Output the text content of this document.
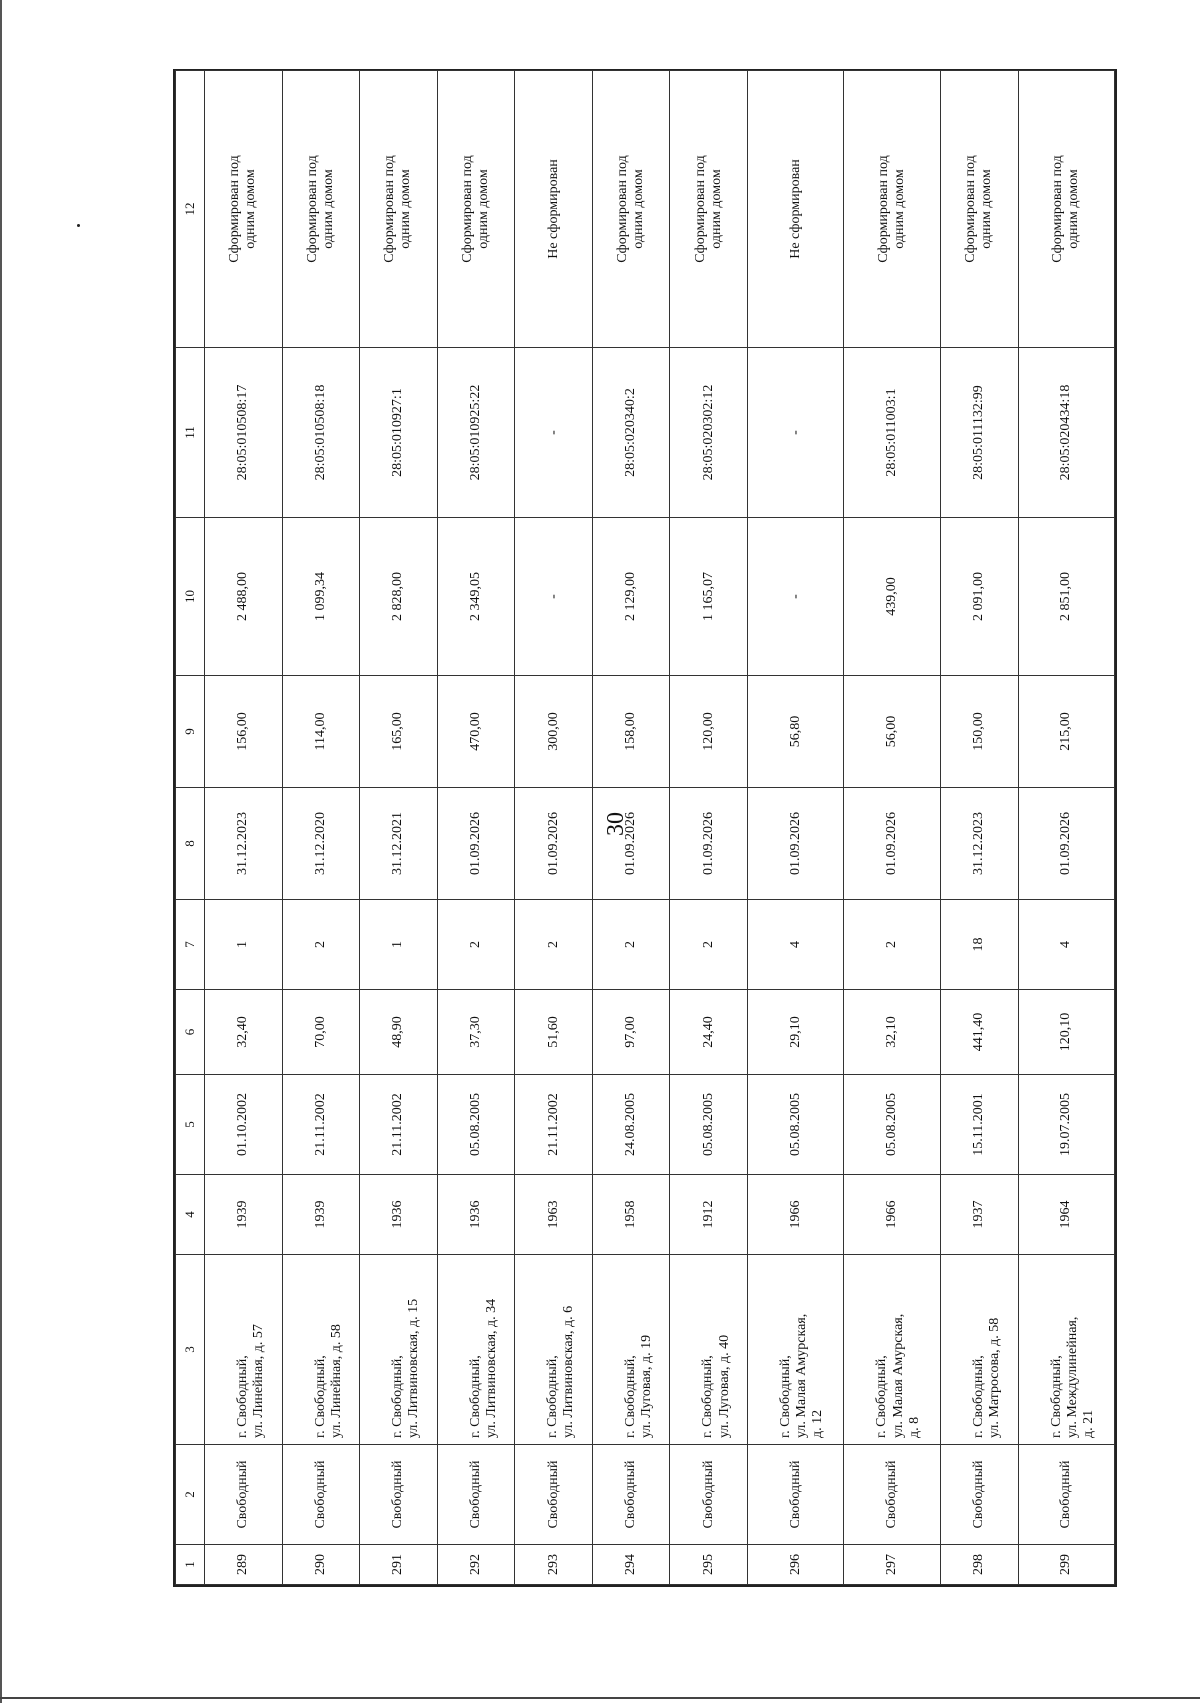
30
1	2	3	4	5	6	7	8	9	10	11	12
289	Свободный	г. Свободный,
ул. Линейная, д. 57	1939	01.10.2002	32,40	1	31.12.2023	156,00	2 488,00	28:05:010508:17	Сформирован под
одним домом
290	Свободный	г. Свободный,
ул. Линейная, д. 58	1939	21.11.2002	70,00	2	31.12.2020	114,00	1 099,34	28:05:010508:18	Сформирован под
одним домом
291	Свободный	г. Свободный,
ул. Литвиновская, д. 15	1936	21.11.2002	48,90	1	31.12.2021	165,00	2 828,00	28:05:010927:1	Сформирован под
одним домом
292	Свободный	г. Свободный,
ул. Литвиновская, д. 34	1936	05.08.2005	37,30	2	01.09.2026	470,00	2 349,05	28:05:010925:22	Сформирован под
одним домом
293	Свободный	г. Свободный,
ул. Литвиновская, д. 6	1963	21.11.2002	51,60	2	01.09.2026	300,00	-	-	Не сформирован
294	Свободный	г. Свободный,
ул. Луговая, д. 19	1958	24.08.2005	97,00	2	01.09.2026	158,00	2 129,00	28:05:020340:2	Сформирован под
одним домом
295	Свободный	г. Свободный,
ул. Луговая, д. 40	1912	05.08.2005	24,40	2	01.09.2026	120,00	1 165,07	28:05:020302:12	Сформирован под
одним домом
296	Свободный	г. Свободный,
ул. Малая Амурская,
д. 12	1966	05.08.2005	29,10	4	01.09.2026	56,80	-	-	Не сформирован
297	Свободный	г. Свободный,
ул. Малая Амурская,
д. 8	1966	05.08.2005	32,10	2	01.09.2026	56,00	439,00	28:05:011003:1	Сформирован под
одним домом
298	Свободный	г. Свободный,
ул. Матросова, д. 58	1937	15.11.2001	441,40	18	31.12.2023	150,00	2 091,00	28:05:011132:99	Сформирован под
одним домом
299	Свободный	г. Свободный,
ул. Междулинейная,
д. 21	1964	19.07.2005	120,10	4	01.09.2026	215,00	2 851,00	28:05:020434:18	Сформирован под
одним домом
